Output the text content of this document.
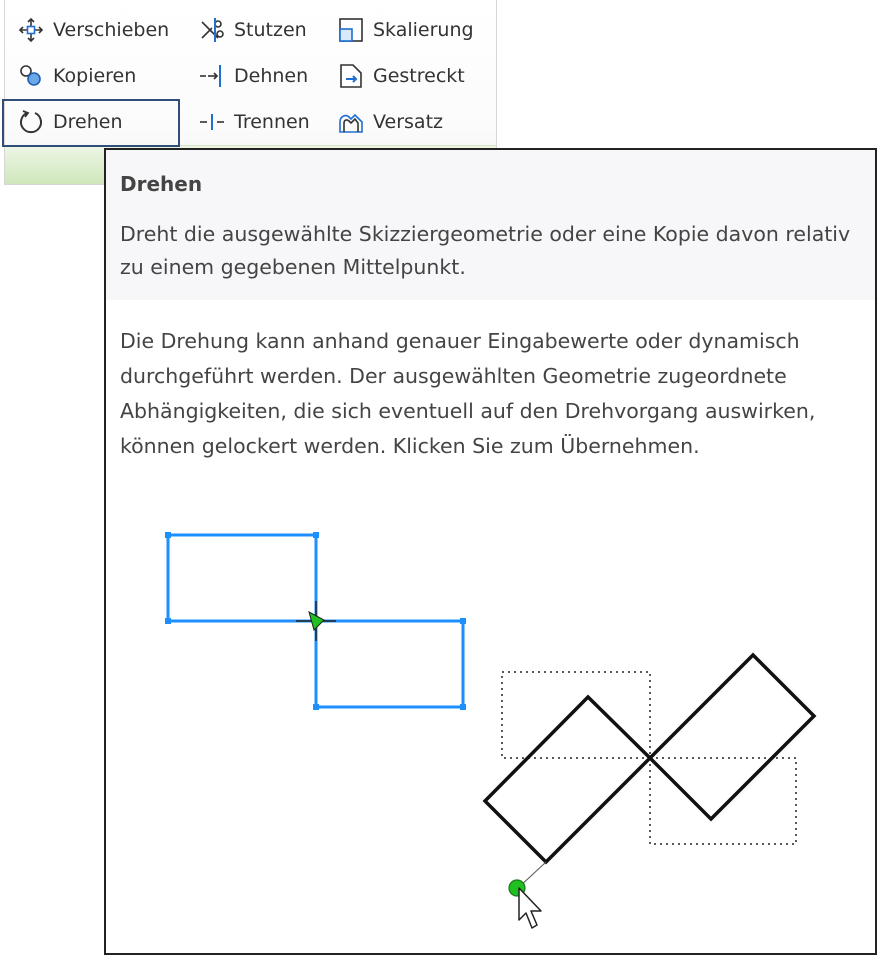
Verschieben
Kopieren
Drehen
Stutzen
Dehnen
Trennen
Skalierung
Gestreckt
Versatz
Drehen
Dreht die ausgewählte Skizziergeometrie oder eine Kopie davon relativ zu einem gegebenen Mittelpunkt.
Die Drehung kann anhand genauer Eingabewerte oder dynamisch durchgeführt werden. Der ausgewählten Geometrie zugeordnete Abhängigkeiten, die sich eventuell auf den Drehvorgang auswirken, können gelockert werden. Klicken Sie zum Übernehmen.
